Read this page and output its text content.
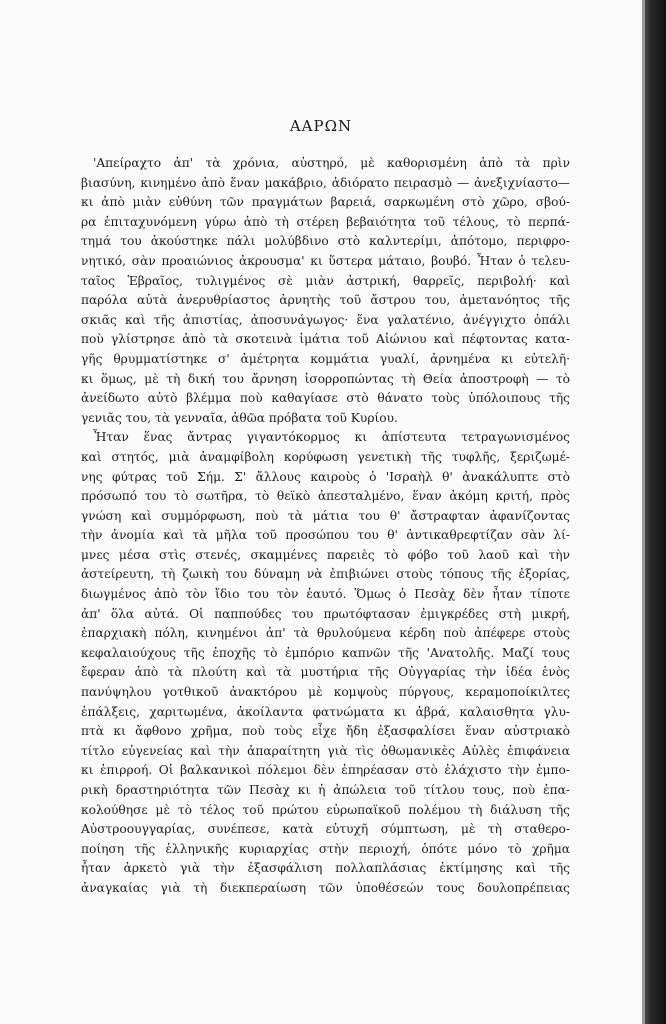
ΑΑΡΩΝ
'Απείραχτο ἀπ' τὰ χρόνια, αὐστηρό, μὲ καθορισμένη ἀπὸ τὰ πρὶν
βιασύνη, κινημένο ἀπὸ ἕναν μακάβριο, ἀδιόρατο πειρασμὸ — ἀνεξιχνίαστο—
κι ἀπὸ μιὰν εὐθύνη τῶν πραγμάτων βαρειά, σαρκωμένη στὸ χῶρο, σβού-
ρα ἐπιταχυνόμενη γύρω ἀπὸ τὴ στέρεη βεβαιότητα τοῦ τέλους, τὸ περπά-
τημά του ἀκούστηκε πάλι μολύβδινο στὸ καλντερίμι, ἀπότομο, περιφρο-
νητικό, σὰν προαιώνιος ἀκρουσμα' κι ὕστερα μάταιο, βουβό. Ἦταν ὁ τελευ-
ταῖος Ἑβραῖος, τυλιγμένος σὲ μιὰν ἀστρική, θαρρεῖς, περιβολή· καὶ
παρόλα αὐτὰ ἀνερυθρίαστος ἀρνητὴς τοῦ ἄστρου του, ἀμετανόητος τῆς
σκιᾶς καὶ τῆς ἀπιστίας, ἀποσυνάγωγος· ἕνα γαλατένιο, ἀνέγγιχτο ὀπάλι
ποὺ γλίστρησε ἀπὸ τὰ σκοτεινὰ ἱμάτια τοῦ Αἰώνιου καὶ πέφτοντας κατα-
γῆς θρυμματίστηκε σ' ἀμέτρητα κομμάτια γυαλί, ἀρνημένα κι εὐτελῆ·
κι ὅμως, μὲ τὴ δική του ἄρνηση ἰσορροπώντας τὴ Θεία ἀποστροφὴ — τὸ
ἀνείδωτο αὐτὸ βλέμμα ποὺ καθαγίασε στὸ θάνατο τοὺς ὑπόλοιπους τῆς
γενιᾶς του, τὰ γενναῖα, ἀθῶα πρόβατα τοῦ Κυρίου.
Ἦταν ἕνας ἄντρας γιγαντόκορμος κι ἀπίστευτα τετραγωνισμένος
καὶ στητός, μιὰ ἀναμφίβολη κορύφωση γενετικὴ τῆς τυφλῆς, ξεριζωμέ-
νης φύτρας τοῦ Σήμ. Σ' ἄλλους καιροὺς ὁ 'Ισραὴλ θ' ἀνακάλυπτε στὸ
πρόσωπό του τὸ σωτῆρα, τὸ θεϊκὸ ἀπεσταλμένο, ἕναν ἀκόμη κριτή, πρὸς
γνώση καὶ συμμόρφωση, ποὺ τὰ μάτια του θ' ἄστραφταν ἀφανίζοντας
τὴν ἀνομία καὶ τὰ μῆλα τοῦ προσώπου του θ' ἀντικαθρεφτίζαν σὰν λί-
μνες μέσα στὶς στενές, σκαμμένες παρειὲς τὸ φόβο τοῦ λαοῦ καὶ τὴν
ἀστείρευτη, τὴ ζωικὴ του δύναμη νὰ ἐπιβιώνει στοὺς τόπους τῆς ἐξορίας,
διωγμένος ἀπὸ τὸν ἴδιο του τὸν ἑαυτό. Ὅμως ὁ Πεσὰχ δὲν ἦταν τίποτε
ἀπ' ὅλα αὐτά. Οἱ παππούδες του πρωτόφτασαν ἐμιγκρέδες στὴ μικρή,
ἐπαρχιακὴ πόλη, κινημένοι ἀπ' τὰ θρυλούμενα κέρδη ποὺ ἀπέφερε στοὺς
κεφαλαιούχους τῆς ἐποχῆς τὸ ἐμπόριο καπνῶν τῆς 'Ανατολῆς. Μαζί τους
ἔφεραν ἀπὸ τὰ πλούτη καὶ τὰ μυστήρια τῆς Οὐγγαρίας τὴν ἰδέα ἑνὸς
πανύψηλου γοτθικοῦ ἀνακτόρου μὲ κομψοὺς πύργους, κεραμοποίκιλτες
ἐπάλξεις, χαριτωμένα, ἀκοίλαντα φατνώματα κι ἀβρά, καλαισθητα γλυ-
πτὰ κι ἄφθονο χρῆμα, ποὺ τοὺς εἶχε ἤδη ἐξασφαλίσει ἕναν αὐστριακὸ
τίτλο εὐγενείας καὶ τὴν ἀπαραίτητη γιὰ τὶς ὀθωμανικὲς Αὐλὲς ἐπιφάνεια
κι ἐπιρροή. Οἱ βαλκανικοὶ πόλεμοι δὲν ἐπηρέασαν στὸ ἐλάχιστο τὴν ἐμπο-
ρικὴ δραστηριότητα τῶν Πεσὰχ κι ἡ ἀπώλεια τοῦ τίτλου τους, ποὺ ἐπα-
κολούθησε μὲ τὸ τέλος τοῦ πρώτου εὐρωπαϊκοῦ πολέμου τὴ διάλυση τῆς
Αὐστροουγγαρίας, συνέπεσε, κατὰ εὐτυχῆ σύμπτωση, μὲ τὴ σταθερο-
ποίηση τῆς ἑλληνικῆς κυριαρχίας στὴν περιοχή, ὁπότε μόνο τὸ χρῆμα
ἦταν ἀρκετὸ γιὰ τὴν ἐξασφάλιση πολλαπλάσιας ἐκτίμησης καὶ τῆς
ἀναγκαίας γιὰ τὴ διεκπεραίωση τῶν ὑποθέσεών τους δουλοπρέπειας
